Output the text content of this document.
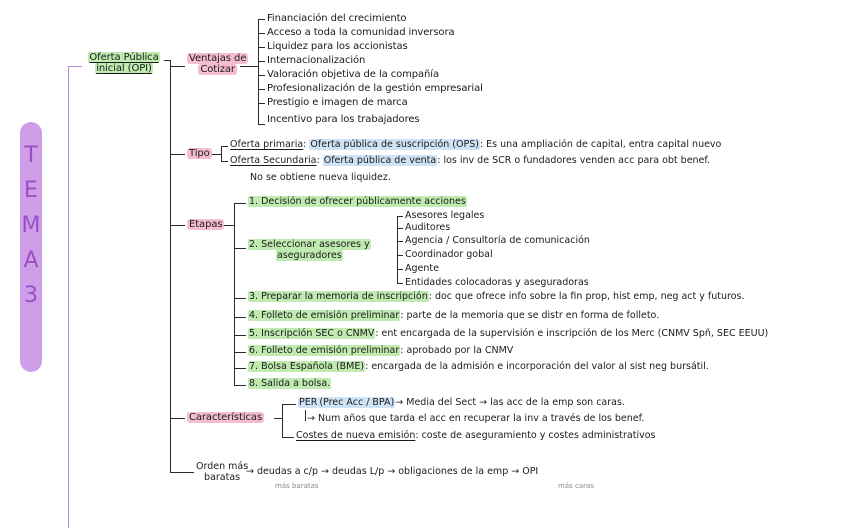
T
E
M
A
3
Oferta Pública
inicial (OPI)
Ventajas de
Cotizar
Financiación del crecimiento
Acceso a toda la comunidad inversora
Liquidez para los accionistas
Internacionalización
Valoración objetiva de la compañía
Profesionalización de la gestión empresarial
Prestigio e imagen de marca
Incentivo para los trabajadores
Tipo
Oferta primaria: Oferta pública de suscripción (OPS): Es una ampliación de capital, entra capital nuevo
Oferta Secundaria: Oferta pública de venta: los inv de SCR o fundadores venden acc para obt benef.
No se obtiene nueva liquidez.
Etapas
1. Decisión de ofrecer públicamente acciones
2. Seleccionar asesores y
aseguradores
Asesores legales
Auditores
Agencia / Consultoría de comunicación
Coordinador gobal
Agente
Entidades colocadoras y aseguradoras
3. Preparar la memoria de inscripción: doc que ofrece info sobre la fin prop, hist emp, neg act y futuros.
4. Folleto de emisión preliminar: parte de la memoria que se distr en forma de folleto.
5. Inscripción SEC o CNMV: ent encargada de la supervisión e inscripción de los Merc (CNMV Spñ, SEC EEUU)
6. Folleto de emisión preliminar: aprobado por la CNMV
7. Bolsa Española (BME): encargada de la admisión e incorporación del valor al sist neg bursátil.
8. Salida a bolsa.
Características
PER (Prec Acc / BPA)→ Media del Sect → las acc de la emp son caras.
→ Num años que tarda el acc en recuperar la inv a través de los benef.
Costes de nueva emisión: coste de aseguramiento y costes administrativos
Orden más
baratas → deudas a c/p → deudas L/p → obligaciones de la emp → OPI
más baratas	más caras
